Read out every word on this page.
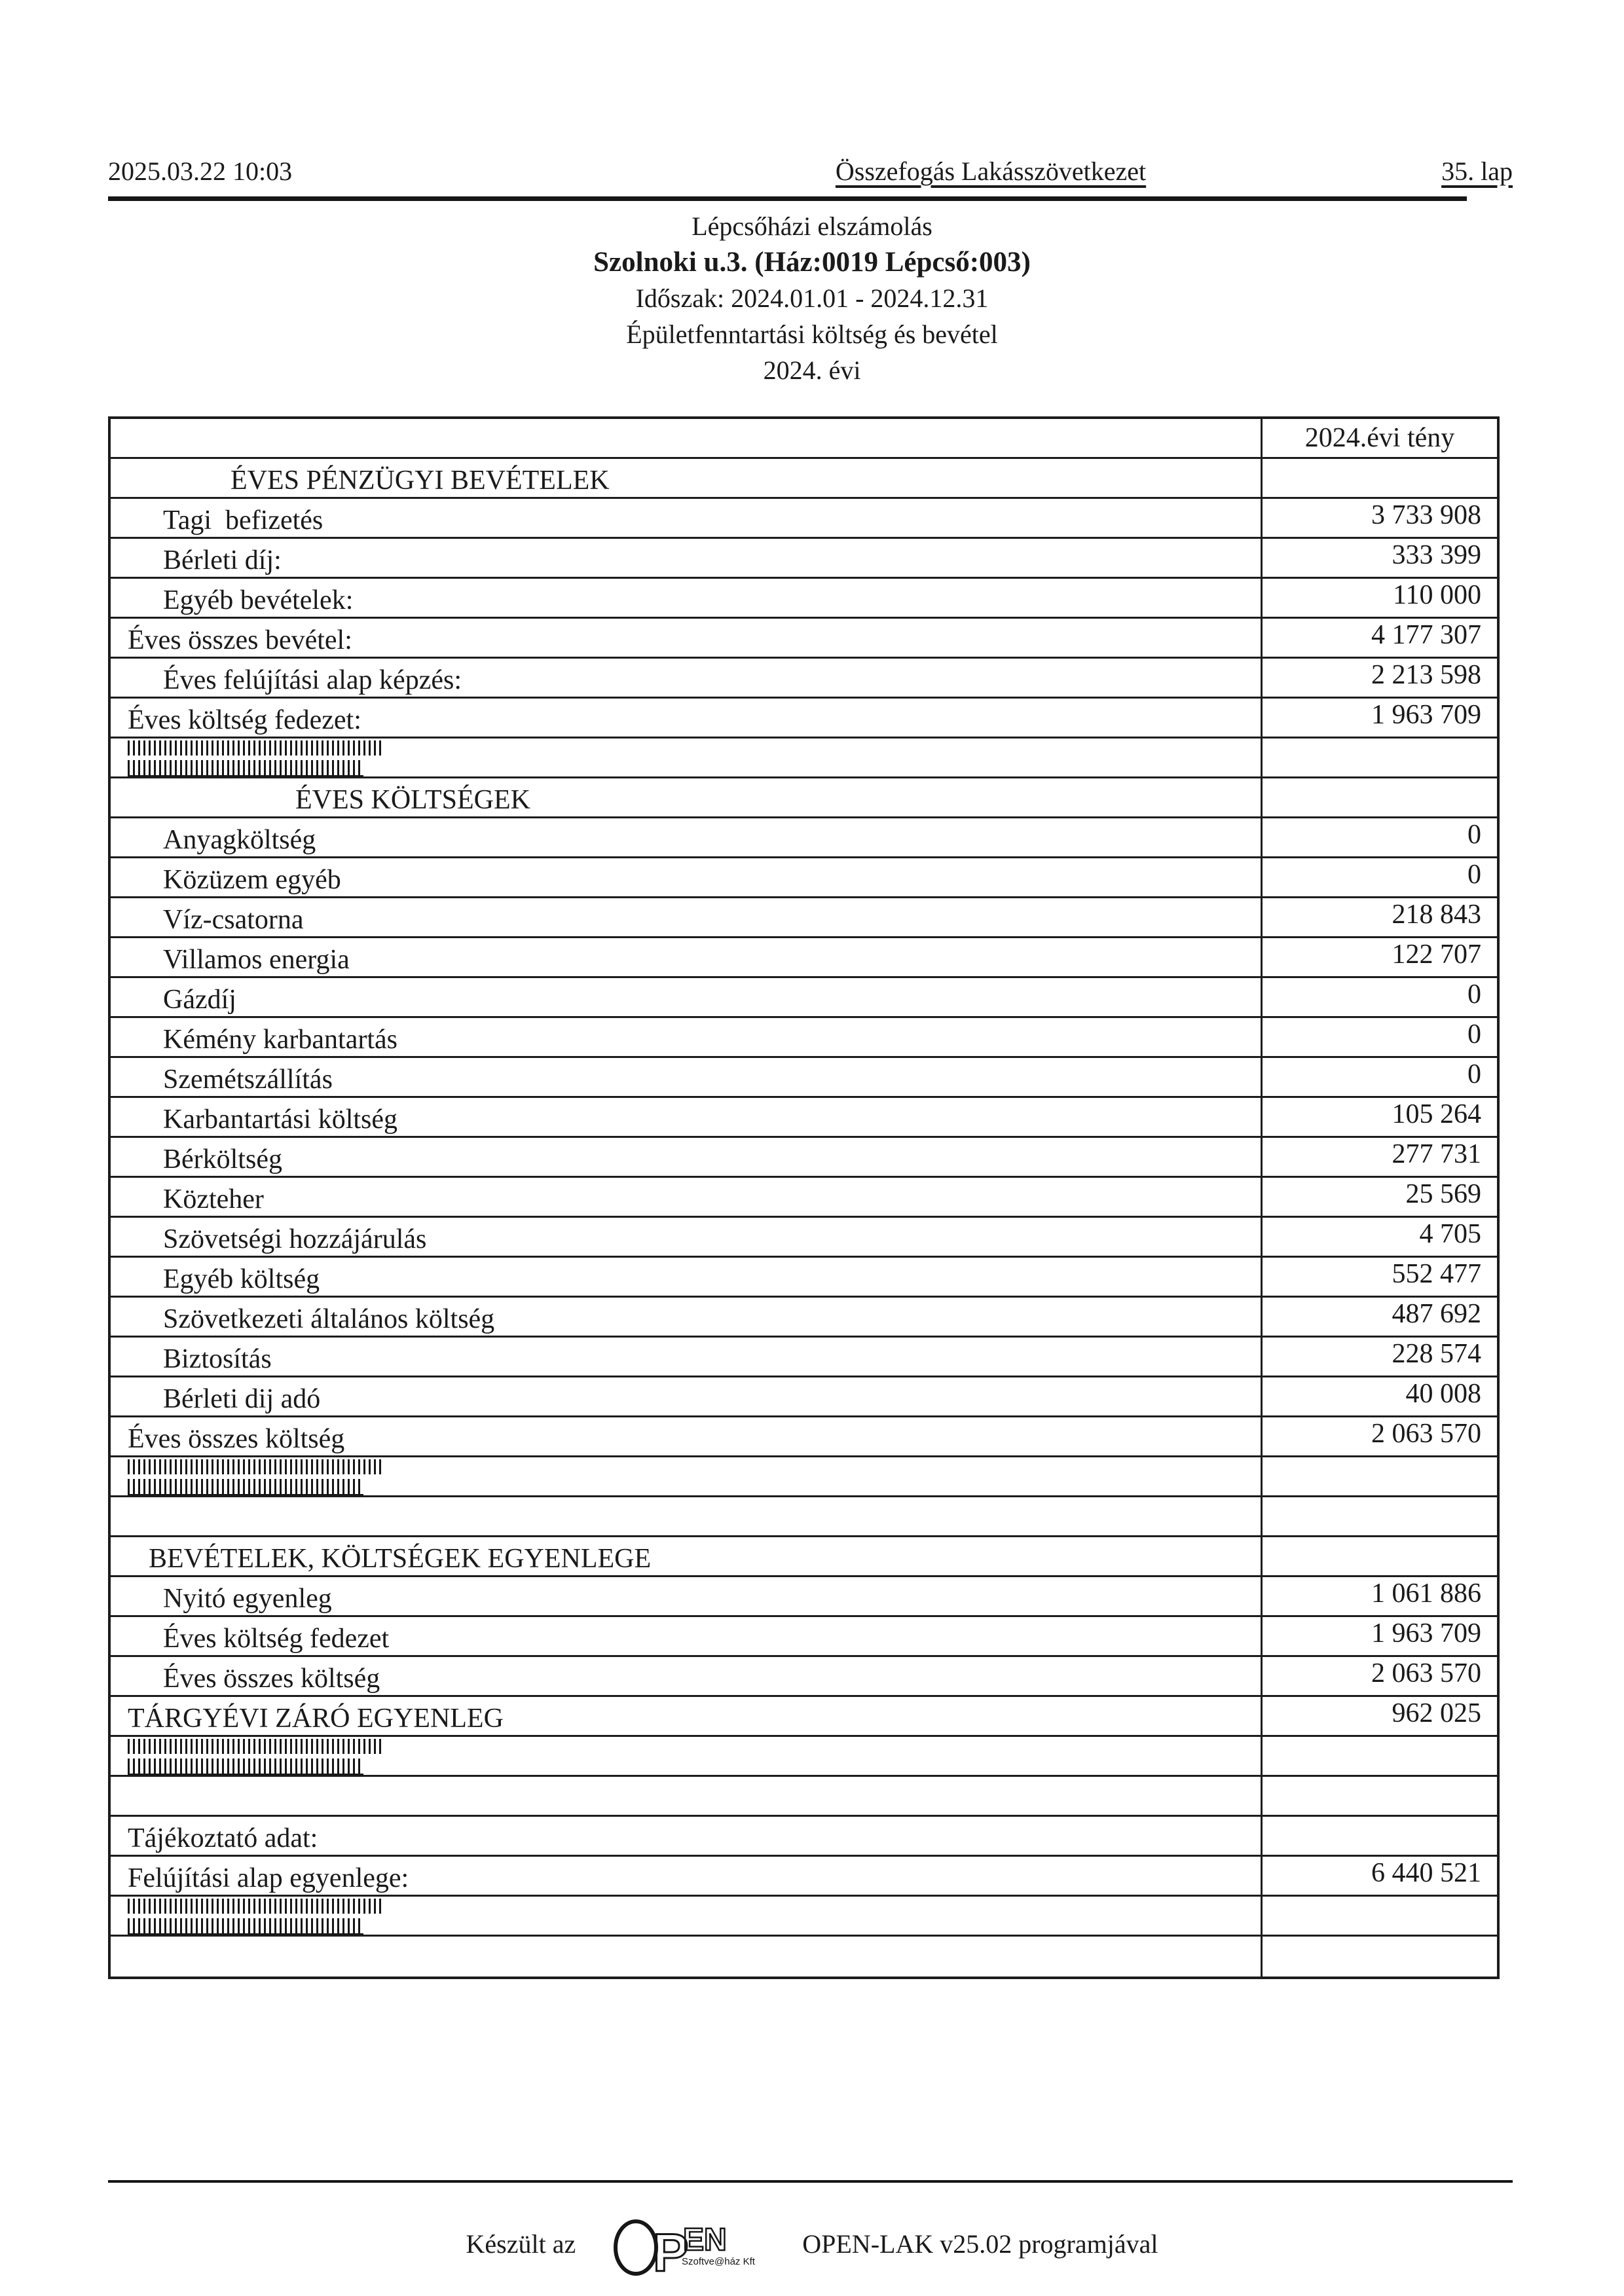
2025.03.22 10:03	Összefogás Lakásszövetkezet	35. lap
Lépcsőházi elszámolás
Szolnoki u.3. (Ház:0019 Lépcső:003)
Időszak: 2024.01.01 - 2024.12.31
Épületfenntartási költség és bevétel
2024. évi
2024.évi tény
ÉVES PÉNZÜGYI BEVÉTELEK
Tagi  befizetés	3 733 908
Bérleti díj:	333 399
Egyéb bevételek:	110 000
Éves összes bevétel:	4 177 307
Éves felújítási alap képzés:	2 213 598
Éves költség fedezet:	1 963 709
ÉVES KÖLTSÉGEK
Anyagköltség	0
Közüzem egyéb	0
Víz-csatorna	218 843
Villamos energia	122 707
Gázdíj	0
Kémény karbantartás	0
Szemétszállítás	0
Karbantartási költség	105 264
Bérköltség	277 731
Közteher	25 569
Szövetségi hozzájárulás	4 705
Egyéb költség	552 477
Szövetkezeti általános költség	487 692
Biztosítás	228 574
Bérleti dij adó	40 008
Éves összes költség	2 063 570
BEVÉTELEK, KÖLTSÉGEK EGYENLEGE
Nyitó egyenleg	1 061 886
Éves költség fedezet	1 963 709
Éves összes költség	2 063 570
TÁRGYÉVI ZÁRÓ EGYENLEG	962 025
Tájékoztató adat:
Felújítási alap egyenlege:	6 440 521
Készült az P
EN
Szoftve@ház Kft
OPEN-LAK v25.02 programjával
